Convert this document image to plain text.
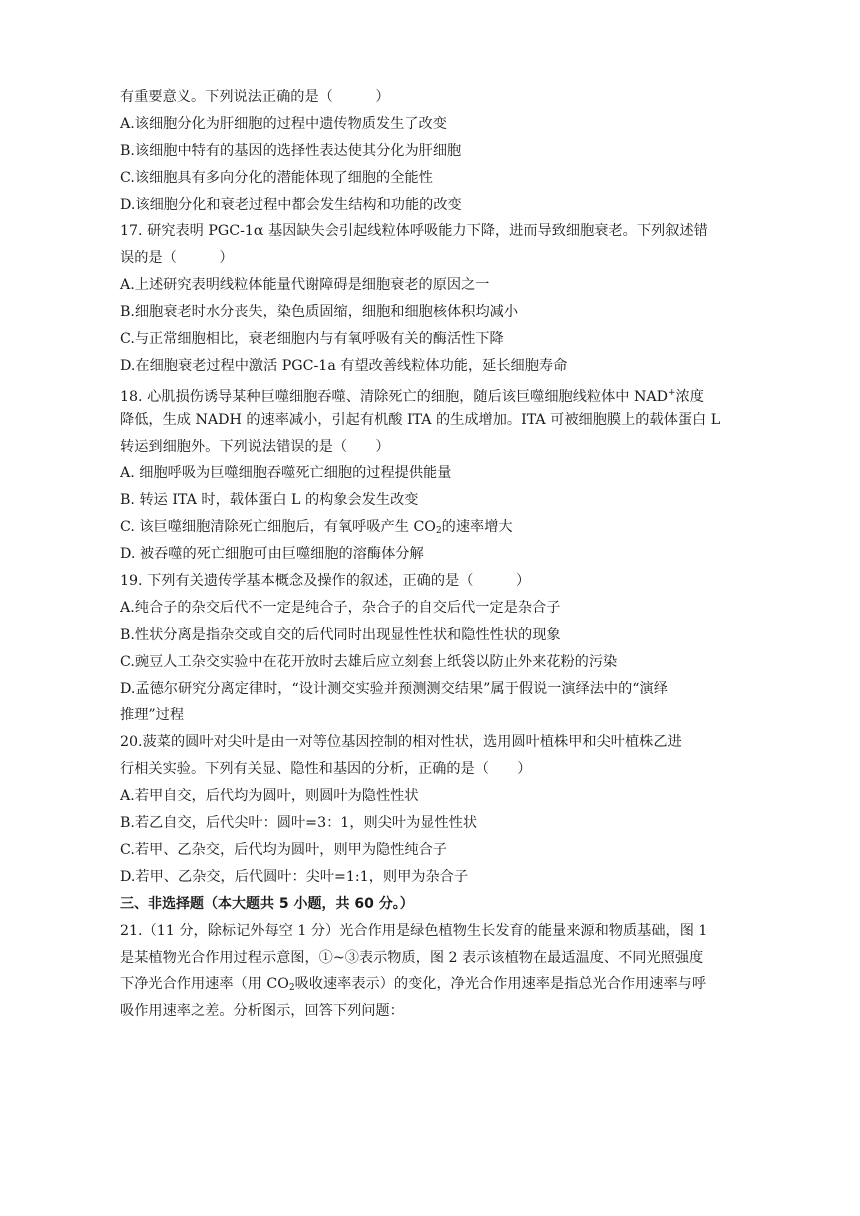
有重要意义。下列说法正确的是（　　　）
A.该细胞分化为肝细胞的过程中遗传物质发生了改变
B.该细胞中特有的基因的选择性表达使其分化为肝细胞
C.该细胞具有多向分化的潜能体现了细胞的全能性
D.该细胞分化和衰老过程中都会发生结构和功能的改变
17. 研究表明 PGC-1α 基因缺失会引起线粒体呼吸能力下降，进而导致细胞衰老。下列叙述错
误的是（　　　）
A.上述研究表明线粒体能量代谢障碍是细胞衰老的原因之一
B.细胞衰老时水分丧失，染色质固缩，细胞和细胞核体积均减小
C.与正常细胞相比，衰老细胞内与有氧呼吸有关的酶活性下降
D.在细胞衰老过程中激活 PGC-1a 有望改善线粒体功能，延长细胞寿命
18. 心肌损伤诱导某种巨噬细胞吞噬、清除死亡的细胞，随后该巨噬细胞线粒体中 NAD+浓度
降低，生成 NADH 的速率减小，引起有机酸 ITA 的生成增加。ITA 可被细胞膜上的载体蛋白 L
转运到细胞外。下列说法错误的是（　　）
A. 细胞呼吸为巨噬细胞吞噬死亡细胞的过程提供能量
B. 转运 ITA 时，载体蛋白 L 的构象会发生改变
C. 该巨噬细胞清除死亡细胞后，有氧呼吸产生 $CO_2$的速率增大
D. 被吞噬的死亡细胞可由巨噬细胞的溶酶体分解
19. 下列有关遗传学基本概念及操作的叙述，正确的是（　　　）
A.纯合子的杂交后代不一定是纯合子，杂合子的自交后代一定是杂合子
B.性状分离是指杂交或自交的后代同时出现显性性状和隐性性状的现象
C.豌豆人工杂交实验中在花开放时去雄后应立刻套上纸袋以防止外来花粉的污染
D.孟德尔研究分离定律时，“设计测交实验并预测测交结果”属于假说一演绎法中的“演绎
推理”过程
20.菠菜的圆叶对尖叶是由一对等位基因控制的相对性状，选用圆叶植株甲和尖叶植株乙进
行相关实验。下列有关显、隐性和基因的分析，正确的是（　　）
A.若甲自交，后代均为圆叶，则圆叶为隐性性状
B.若乙自交，后代尖叶：圆叶=3：1，则尖叶为显性性状
C.若甲、乙杂交，后代均为圆叶，则甲为隐性纯合子
D.若甲、乙杂交，后代圆叶：尖叶=1:1，则甲为杂合子
三、非选择题（本大题共 5 小题，共 60 分。）
21.（11 分，除标记外每空 1 分）光合作用是绿色植物生长发育的能量来源和物质基础，图 1
是某植物光合作用过程示意图，①~③表示物质，图 2 表示该植物在最适温度、不同光照强度
下净光合作用速率（用 $CO_2$吸收速率表示）的变化，净光合作用速率是指总光合作用速率与呼
吸作用速率之差。分析图示，回答下列问题：
